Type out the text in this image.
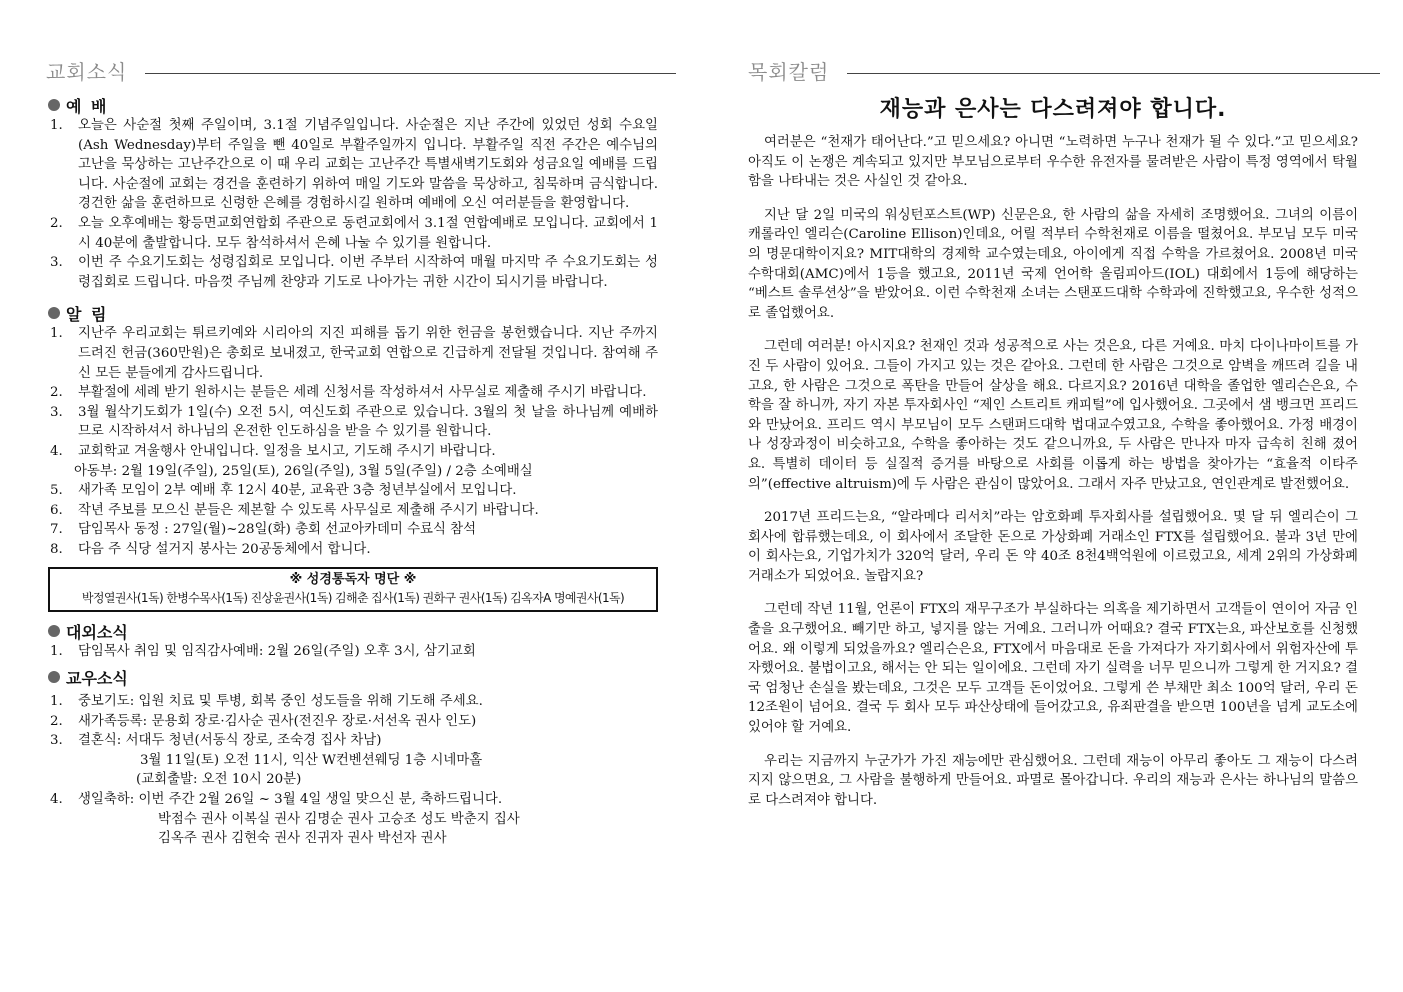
교회소식
예 배
1.	오늘은 사순절 첫째 주일이며, 3.1절 기념주일입니다. 사순절은 지난 주간에 있었던 성회 수요일(Ash Wednesday)부터 주일을 뺀 40일로 부활주일까지 입니다. 부활주일 직전 주간은 예수님의 고난을 묵상하는 고난주간으로 이 때 우리 교회는 고난주간 특별새벽기도회와 성금요일 예배를 드립니다. 사순절에 교회는 경건을 훈련하기 위하여 매일 기도와 말씀을 묵상하고, 침묵하며 금식합니다. 경건한 삶을 훈련하므로 신령한 은혜를 경험하시길 원하며 예배에 오신 여러분들을 환영합니다.
2.	오늘 오후예배는 황등면교회연합회 주관으로 동련교회에서 3.1절 연합예배로 모입니다. 교회에서 1시 40분에 출발합니다. 모두 참석하셔서 은혜 나눌 수 있기를 원합니다.
3.	이번 주 수요기도회는 성령집회로 모입니다. 이번 주부터 시작하여 매월 마지막 주 수요기도회는 성령집회로 드립니다. 마음껏 주님께 찬양과 기도로 나아가는 귀한 시간이 되시기를 바랍니다.
알 림
1.	지난주 우리교회는 튀르키예와 시리아의 지진 피해를 돕기 위한 헌금을 봉헌했습니다. 지난 주까지 드려진 헌금(360만원)은 총회로 보내졌고, 한국교회 연합으로 긴급하게 전달될 것입니다. 참여해 주신 모든 분들에게 감사드립니다.
2.	부활절에 세례 받기 원하시는 분들은 세례 신청서를 작성하셔서 사무실로 제출해 주시기 바랍니다.
3.	3월 월삭기도회가 1일(수) 오전 5시, 여신도회 주관으로 있습니다. 3월의 첫 날을 하나님께 예배하므로 시작하셔서 하나님의 온전한 인도하심을 받을 수 있기를 원합니다.
4.	교회학교 겨울행사 안내입니다. 일정을 보시고, 기도해 주시기 바랍니다.
아동부: 2월 19일(주일), 25일(토), 26일(주일), 3월 5일(주일) / 2층 소예배실
5.	새가족 모임이 2부 예배 후 12시 40분, 교육관 3층 청년부실에서 모입니다.
6.	작년 주보를 모으신 분들은 제본할 수 있도록 사무실로 제출해 주시기 바랍니다.
7.	담임목사 동정 : 27일(월)~28일(화) 총회 선교아카데미 수료식 참석
8.	다음 주 식당 설거지 봉사는 20공동체에서 합니다.
※ 성경통독자 명단 ※
박정열권사(1독) 한병수목사(1독) 진상윤권사(1독) 김해춘 집사(1독) 권화구 권사(1독) 김옥자A 명예권사(1독)
대외소식
1.	담임목사 취임 및 임직감사예배: 2월 26일(주일) 오후 3시, 삼기교회
교우소식
1.	중보기도: 입원 치료 및 투병, 회복 중인 성도들을 위해 기도해 주세요.
2.	새가족등록: 문용회 장로·김사순 권사(전진우 장로·서선옥 권사 인도)
3.	결혼식: 서대두 청년(서동식 장로, 조숙경 집사 차남)
3월 11일(토) 오전 11시, 익산 W컨벤션웨딩 1층 시네마홀
(교회출발: 오전 10시 20분)
4.	생일축하: 이번 주간 2월 26일 ~ 3월 4일 생일 맞으신 분, 축하드립니다.
박점수 권사 이복실 권사 김명순 권사 고승조 성도 박춘지 집사
김옥주 권사 김현숙 권사 진귀자 권사 박선자 권사
목회칼럼
재능과 은사는 다스려져야 합니다.

여러분은 “천재가 태어난다.”고 믿으세요? 아니면 “노력하면 누구나 천재가 될 수 있다.”고 믿으세요? 아직도 이 논쟁은 계속되고 있지만 부모님으로부터 우수한 유전자를 물려받은 사람이 특정 영역에서 탁월함을 나타내는 것은 사실인 것 같아요.

지난 달 2일 미국의 워싱턴포스트(WP) 신문은요, 한 사람의 삶을 자세히 조명했어요. 그녀의 이름이 캐롤라인 엘리슨(Caroline Ellison)인데요, 어릴 적부터 수학천재로 이름을 떨쳤어요. 부모님 모두 미국의 명문대학이지요? MIT대학의 경제학 교수였는데요, 아이에게 직접 수학을 가르쳤어요. 2008년 미국수학대회(AMC)에서 1등을 했고요, 2011년 국제 언어학 올림피아드(IOL) 대회에서 1등에 해당하는 “베스트 솔루션상”을 받았어요. 이런 수학천재 소녀는 스탠포드대학 수학과에 진학했고요, 우수한 성적으로 졸업했어요.

그런데 여러분! 아시지요? 천재인 것과 성공적으로 사는 것은요, 다른 거예요. 마치 다이나마이트를 가진 두 사람이 있어요. 그들이 가지고 있는 것은 같아요. 그런데 한 사람은 그것으로 암벽을 깨뜨려 길을 내고요, 한 사람은 그것으로 폭탄을 만들어 살상을 해요. 다르지요? 2016년 대학을 졸업한 엘리슨은요, 수학을 잘 하니까, 자기 자본 투자회사인 “제인 스트리트 캐피털”에 입사했어요. 그곳에서 샘 뱅크먼 프리드와 만났어요. 프리드 역시 부모님이 모두 스탠퍼드대학 법대교수였고요, 수학을 좋아했어요. 가정 배경이나 성장과정이 비슷하고요, 수학을 좋아하는 것도 같으니까요, 두 사람은 만나자 마자 급속히 친해 졌어요. 특별히 데이터 등 실질적 증거를 바탕으로 사회를 이롭게 하는 방법을 찾아가는 “효율적 이타주의”(effective altruism)에 두 사람은 관심이 많았어요. 그래서 자주 만났고요, 연인관계로 발전했어요.

2017년 프리드는요, “알라메다 리서치”라는 암호화폐 투자회사를 설립했어요. 몇 달 뒤 엘리슨이 그 회사에 합류했는데요, 이 회사에서 조달한 돈으로 가상화폐 거래소인 FTX를 설립했어요. 불과 3년 만에 이 회사는요, 기업가치가 320억 달러, 우리 돈 약 40조 8천4백억원에 이르렀고요, 세계 2위의 가상화폐 거래소가 되었어요. 놀랍지요?

그런데 작년 11월, 언론이 FTX의 재무구조가 부실하다는 의혹을 제기하면서 고객들이 연이어 자금 인출을 요구했어요. 빼기만 하고, 넣지를 않는 거예요. 그러니까 어때요? 결국 FTX는요, 파산보호를 신청했어요. 왜 이렇게 되었을까요? 엘리슨은요, FTX에서 마음대로 돈을 가져다가 자기회사에서 위험자산에 투자했어요. 불법이고요, 해서는 안 되는 일이에요. 그런데 자기 실력을 너무 믿으니까 그렇게 한 거지요? 결국 엄청난 손실을 봤는데요, 그것은 모두 고객들 돈이었어요. 그렇게 쓴 부채만 최소 100억 달러, 우리 돈 12조원이 넘어요. 결국 두 회사 모두 파산상태에 들어갔고요, 유죄판결을 받으면 100년을 넘게 교도소에 있어야 할 거예요.

우리는 지금까지 누군가가 가진 재능에만 관심했어요. 그런데 재능이 아무리 좋아도 그 재능이 다스려지지 않으면요, 그 사람을 불행하게 만들어요. 파멸로 몰아갑니다. 우리의 재능과 은사는 하나님의 말씀으로 다스려져야 합니다.
